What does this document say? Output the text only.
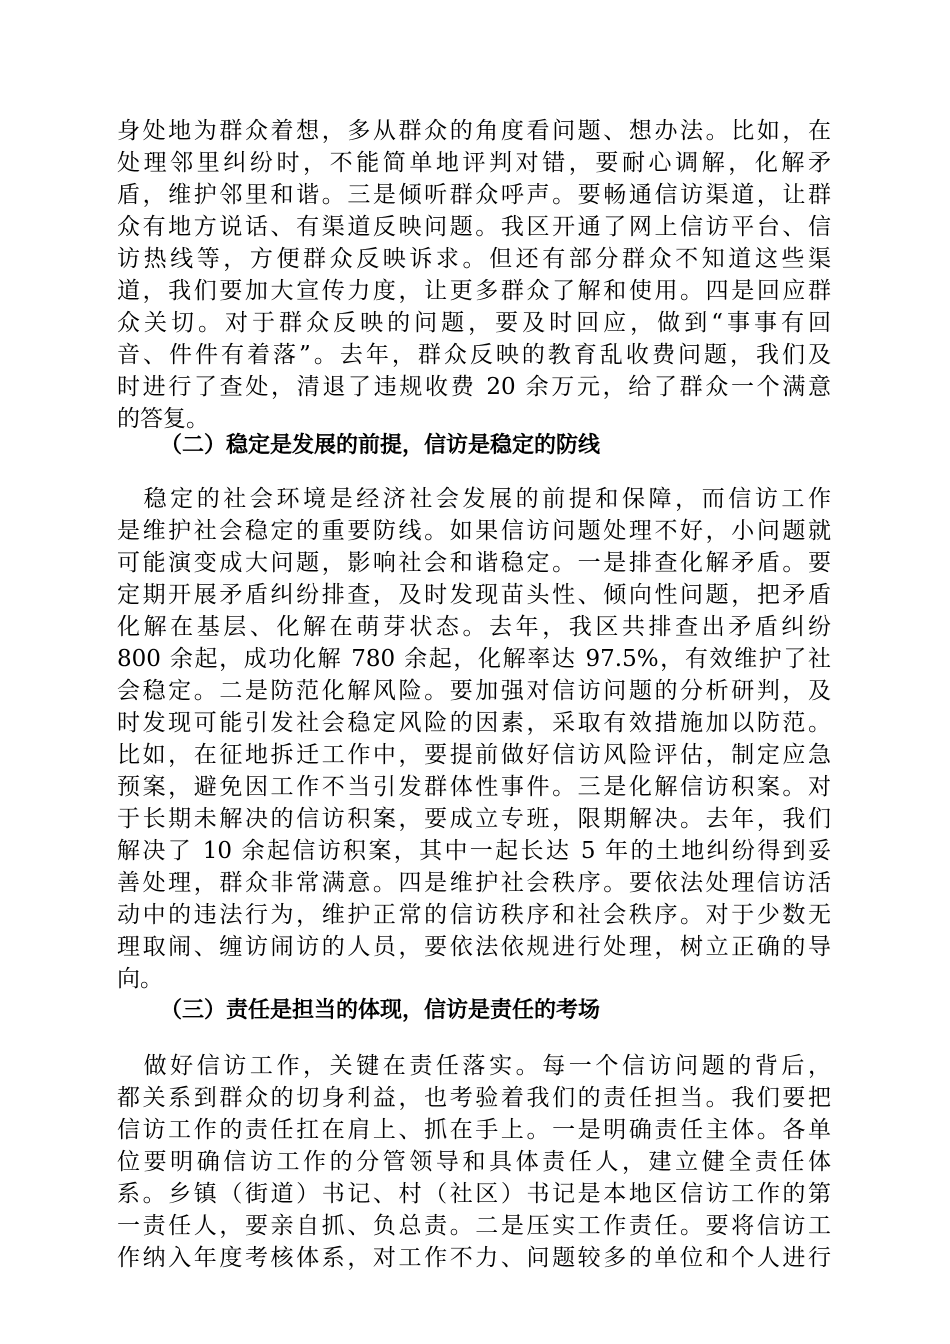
身处地为群众着想，多从群众的角度看问题、想办法。比如，在
处理邻里纠纷时，不能简单地评判对错，要耐心调解，化解矛
盾，维护邻里和谐。三是倾听群众呼声。要畅通信访渠道，让群
众有地方说话、有渠道反映问题。我区开通了网上信访平台、信
访热线等，方便群众反映诉求。但还有部分群众不知道这些渠
道，我们要加大宣传力度，让更多群众了解和使用。四是回应群
众关切。对于群众反映的问题，要及时回应，做到“事事有回
音、件件有着落”。去年，群众反映的教育乱收费问题，我们及
时进行了查处，清退了违规收费 20 余万元，给了群众一个满意
的答复。
（二）稳定是发展的前提，信访是稳定的防线
　稳定的社会环境是经济社会发展的前提和保障，而信访工作
是维护社会稳定的重要防线。如果信访问题处理不好，小问题就
可能演变成大问题，影响社会和谐稳定。一是排查化解矛盾。要
定期开展矛盾纠纷排查，及时发现苗头性、倾向性问题，把矛盾
化解在基层、化解在萌芽状态。去年，我区共排查出矛盾纠纷
800 余起，成功化解 780 余起，化解率达 97.5%，有效维护了社
会稳定。二是防范化解风险。要加强对信访问题的分析研判，及
时发现可能引发社会稳定风险的因素，采取有效措施加以防范。
比如，在征地拆迁工作中，要提前做好信访风险评估，制定应急
预案，避免因工作不当引发群体性事件。三是化解信访积案。对
于长期未解决的信访积案，要成立专班，限期解决。去年，我们
解决了 10 余起信访积案，其中一起长达 5 年的土地纠纷得到妥
善处理，群众非常满意。四是维护社会秩序。要依法处理信访活
动中的违法行为，维护正常的信访秩序和社会秩序。对于少数无
理取闹、缠访闹访的人员，要依法依规进行处理，树立正确的导
向。
（三）责任是担当的体现，信访是责任的考场
　做好信访工作，关键在责任落实。每一个信访问题的背后，
都关系到群众的切身利益，也考验着我们的责任担当。我们要把
信访工作的责任扛在肩上、抓在手上。一是明确责任主体。各单
位要明确信访工作的分管领导和具体责任人，建立健全责任体
系。乡镇（街道）书记、村（社区）书记是本地区信访工作的第
一责任人，要亲自抓、负总责。二是压实工作责任。要将信访工
作纳入年度考核体系，对工作不力、问题较多的单位和个人进行
